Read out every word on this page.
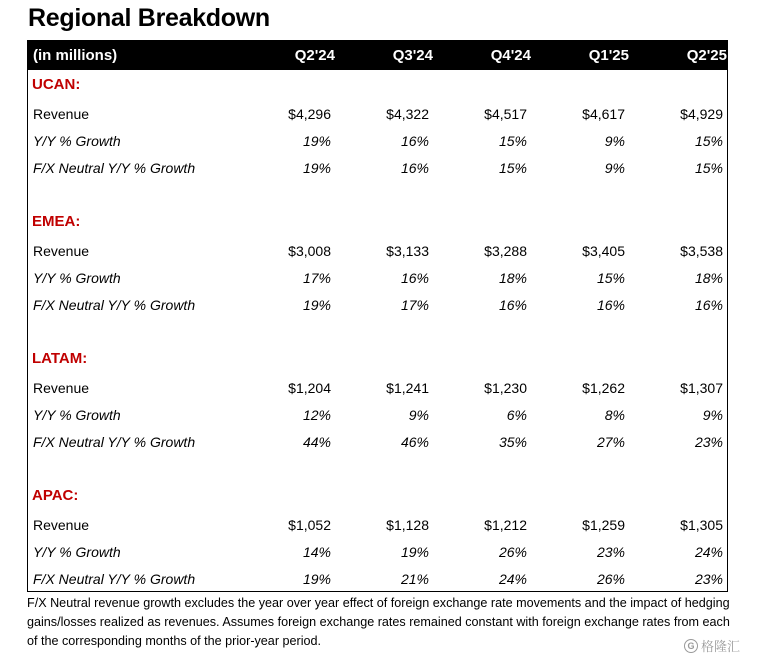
Regional Breakdown
(in millions)	Q2'24	Q3'24	Q4'24	Q1'25	Q2'25
UCAN:
Revenue	$4,296	$4,322	$4,517	$4,617	$4,929
Y/Y % Growth	19%	16%	15%	9%	15%
F/X Neutral Y/Y % Growth	19%	16%	15%	9%	15%
EMEA:
Revenue	$3,008	$3,133	$3,288	$3,405	$3,538
Y/Y % Growth	17%	16%	18%	15%	18%
F/X Neutral Y/Y % Growth	19%	17%	16%	16%	16%
LATAM:
Revenue	$1,204	$1,241	$1,230	$1,262	$1,307
Y/Y % Growth	12%	9%	6%	8%	9%
F/X Neutral Y/Y % Growth	44%	46%	35%	27%	23%
APAC:
Revenue	$1,052	$1,128	$1,212	$1,259	$1,305
Y/Y % Growth	14%	19%	26%	23%	24%
F/X Neutral Y/Y % Growth	19%	21%	24%	26%	23%
F/X Neutral revenue growth excludes the year over year effect of foreign exchange rate movements and the impact of hedging gains/losses realized as revenues. Assumes foreign exchange rates remained constant with foreign exchange rates from each of the corresponding months of the prior-year period.	G 格隆汇
